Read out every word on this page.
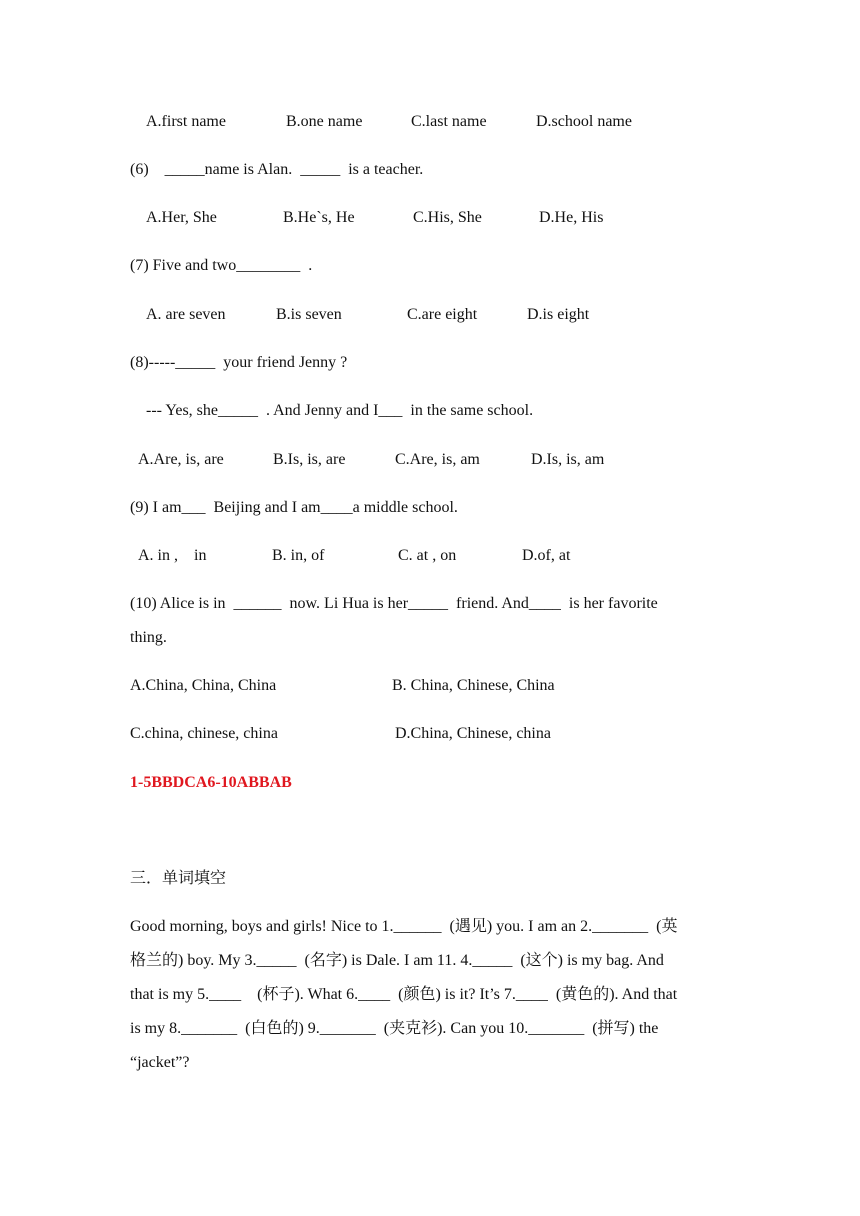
A.first name	B.one name	C.last name	D.school name
(6)    _____name is Alan.  _____  is a teacher.
A.Her, She	B.He`s, He	C.His, She	D.He, His
(7) Five and two________  .
A. are seven	B.is seven	C.are eight	D.is eight
(8)-----_____  your friend Jenny ?
--- Yes, she_____  . And Jenny and I___  in the same school.
A.Are, is, are	B.Is, is, are	C.Are, is, am	D.Is, is, am
(9) I am___  Beijing and I am____a middle school.
A. in ,    in	B. in, of	C. at , on	D.of, at
(10) Alice is in  ______  now. Li Hua is her_____  friend. And____  is her favorite
thing.
A.China, China, China	B. China, Chinese, China
C.china, chinese, china	D.China, Chinese, china
1-5BBDCA6-10ABBAB
三．单词填空
Good morning, boys and girls! Nice to 1.______  (遇见) you. I am an 2._______  (英
格兰的) boy. My 3._____  (名字) is Dale. I am 11. 4._____  (这个) is my bag. And
that is my 5.____    (杯子). What 6.____  (颜色) is it? It’s 7.____  (黄色的). And that
is my 8._______  (白色的) 9._______  (夹克衫). Can you 10._______  (拼写) the
“jacket”?
